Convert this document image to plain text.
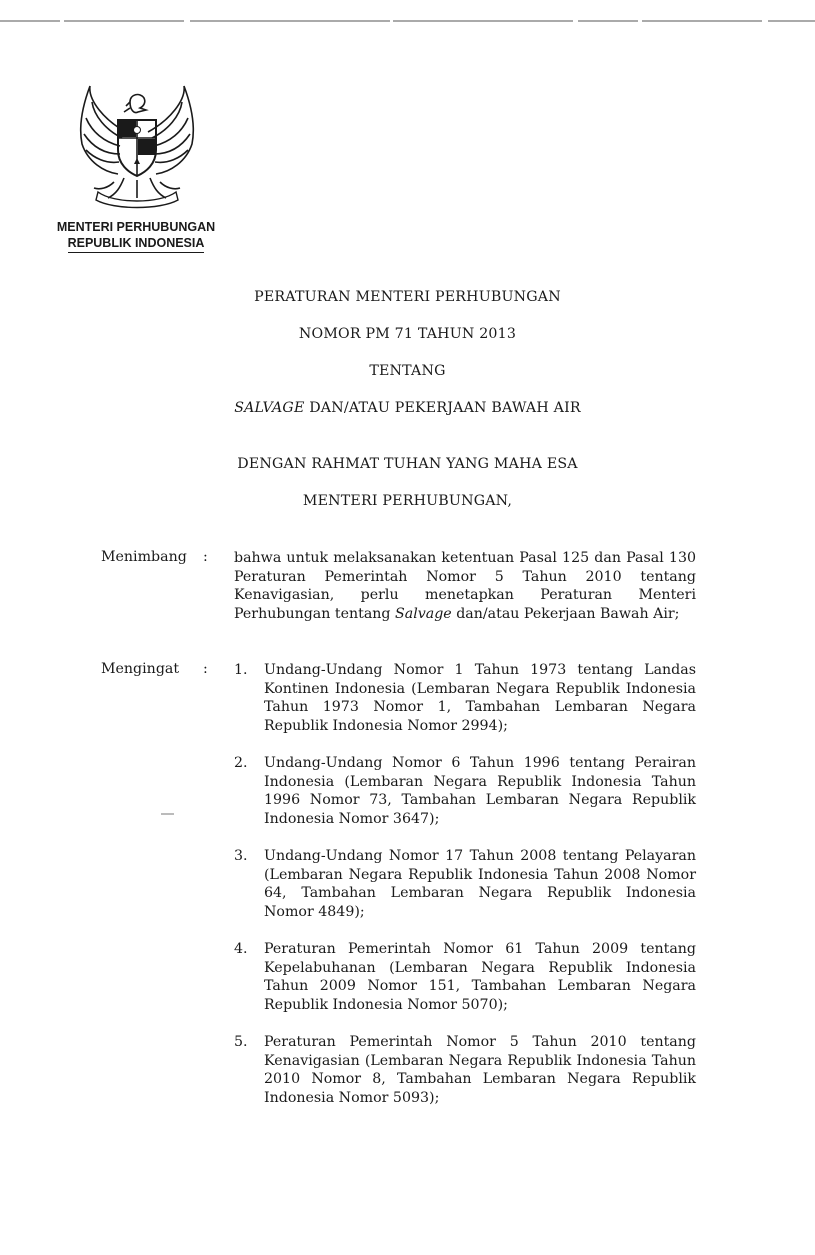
MENTERI PERHUBUNGAN
REPUBLIK INDONESIA
PERATURAN MENTERI PERHUBUNGAN
NOMOR PM 71 TAHUN 2013
TENTANG
SALVAGE DAN/ATAU PEKERJAAN BAWAH AIR
DENGAN RAHMAT TUHAN YANG MAHA ESA
MENTERI PERHUBUNGAN,
Menimbang : bahwa untuk melaksanakan ketentuan Pasal 125 dan Pasal 130 Peraturan Pemerintah Nomor 5 Tahun 2010 tentang Kenavigasian, perlu menetapkan Peraturan Menteri Perhubungan tentang Salvage dan/atau Pekerjaan Bawah Air;

Mengingat : 1. Undang-Undang Nomor 1 Tahun 1973 tentang Landas Kontinen Indonesia (Lembaran Negara Republik Indonesia Tahun 1973 Nomor 1, Tambahan Lembaran Negara Republik Indonesia Nomor 2994);

2. Undang-Undang Nomor 6 Tahun 1996 tentang Perairan Indonesia (Lembaran Negara Republik Indonesia Tahun 1996 Nomor 73, Tambahan Lembaran Negara Republik Indonesia Nomor 3647);

3. Undang-Undang Nomor 17 Tahun 2008 tentang Pelayaran (Lembaran Negara Republik Indonesia Tahun 2008 Nomor 64, Tambahan Lembaran Negara Republik Indonesia Nomor 4849);

4. Peraturan Pemerintah Nomor 61 Tahun 2009 tentang Kepelabuhanan (Lembaran Negara Republik Indonesia Tahun 2009 Nomor 151, Tambahan Lembaran Negara Republik Indonesia Nomor 5070);

5. Peraturan Pemerintah Nomor 5 Tahun 2010 tentang Kenavigasian (Lembaran Negara Republik Indonesia Tahun 2010 Nomor 8, Tambahan Lembaran Negara Republik Indonesia Nomor 5093);
